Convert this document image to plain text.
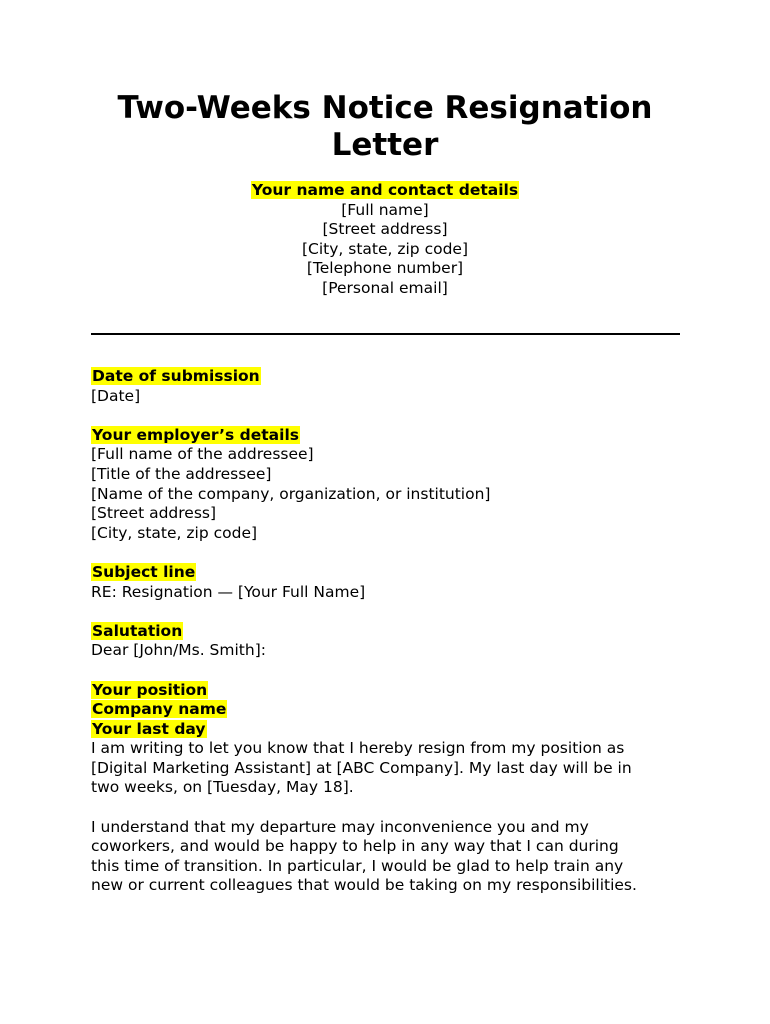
Two-Weeks Notice Resignation
Letter
Your name and contact details
[Full name]
[Street address]
[City, state, zip code]
[Telephone number]
[Personal email]
Date of submission
[Date]
Your employer’s details
[Full name of the addressee]
[Title of the addressee]
[Name of the company, organization, or institution]
[Street address]
[City, state, zip code]
Subject line
RE: Resignation — [Your Full Name]
Salutation
Dear [John/Ms. Smith]:
Your position
Company name
Your last day
I am writing to let you know that I hereby resign from my position as
[Digital Marketing Assistant] at [ABC Company]. My last day will be in
two weeks, on [Tuesday, May 18].
I understand that my departure may inconvenience you and my
coworkers, and would be happy to help in any way that I can during
this time of transition. In particular, I would be glad to help train any
new or current colleagues that would be taking on my responsibilities.
